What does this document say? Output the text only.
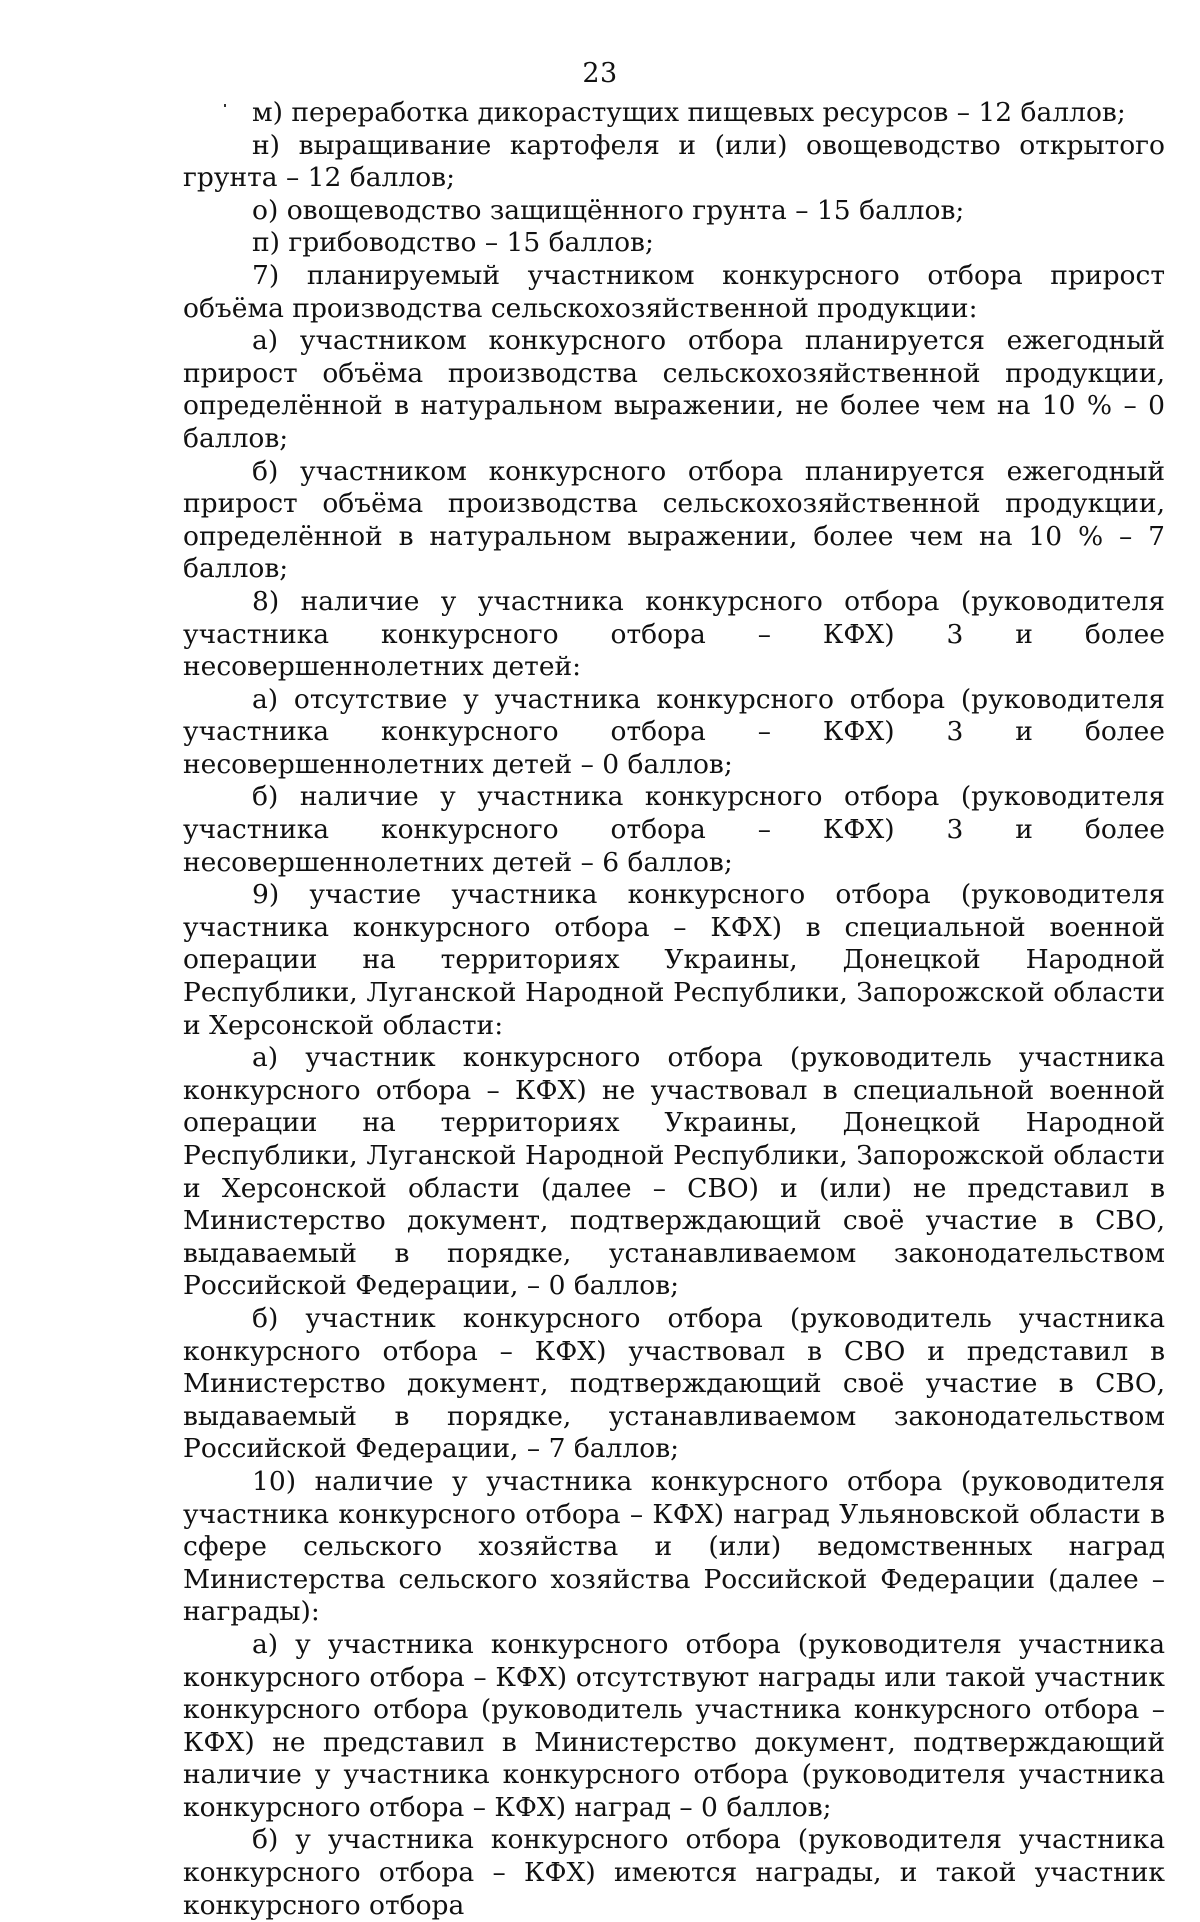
23

м) переработка дикорастущих пищевых ресурсов – 12 баллов;

н) выращивание картофеля и (или) овощеводство открытого грунта – 12 баллов;

о) овощеводство защищённого грунта – 15 баллов;

п) грибоводство – 15 баллов;

7) планируемый участником конкурсного отбора прирост объёма производства сельскохозяйственной продукции:

а) участником конкурсного отбора планируется ежегодный прирост объёма производства сельскохозяйственной продукции, определённой в натуральном выражении, не более чем на 10 % – 0 баллов;

б) участником конкурсного отбора планируется ежегодный прирост объёма производства сельскохозяйственной продукции, определённой в натуральном выражении, более чем на 10 % – 7 баллов;

8) наличие у участника конкурсного отбора (руководителя участника конкурсного отбора – КФХ) 3 и более несовершеннолетних детей:

а) отсутствие у участника конкурсного отбора (руководителя участника конкурсного отбора – КФХ) 3 и более несовершеннолетних детей – 0 баллов;

б) наличие у участника конкурсного отбора (руководителя участника конкурсного отбора – КФХ) 3 и более несовершеннолетних детей – 6 баллов;

9) участие участника конкурсного отбора (руководителя участника конкурсного отбора – КФХ) в специальной военной операции на территориях Украины, Донецкой Народной Республики, Луганской Народной Республики, Запорожской области и Херсонской области:

а) участник конкурсного отбора (руководитель участника конкурсного отбора – КФХ) не участвовал в специальной военной операции на территориях Украины, Донецкой Народной Республики, Луганской Народной Республики, Запорожской области и Херсонской области (далее – СВО) и (или) не представил в Министерство документ, подтверждающий своё участие в СВО, выдаваемый в порядке, устанавливаемом законодательством Российской Федерации, – 0 баллов;

б) участник конкурсного отбора (руководитель участника конкурсного отбора – КФХ) участвовал в СВО и представил в Министерство документ, подтверждающий своё участие в СВО, выдаваемый в порядке, устанавливаемом законодательством Российской Федерации, – 7 баллов;

10) наличие у участника конкурсного отбора (руководителя участника конкурсного отбора – КФХ) наград Ульяновской области в сфере сельского хозяйства и (или) ведомственных наград Министерства сельского хозяйства Российской Федерации (далее – награды):

а) у участника конкурсного отбора (руководителя участника конкурсного отбора – КФХ) отсутствуют награды или такой участник конкурсного отбора (руководитель участника конкурсного отбора – КФХ) не представил в Министерство документ, подтверждающий наличие у участника конкурсного отбора (руководителя участника конкурсного отбора – КФХ) наград – 0 баллов;

б) у участника конкурсного отбора (руководителя участника конкурсного отбора – КФХ) имеются награды, и такой участник конкурсного отбора
